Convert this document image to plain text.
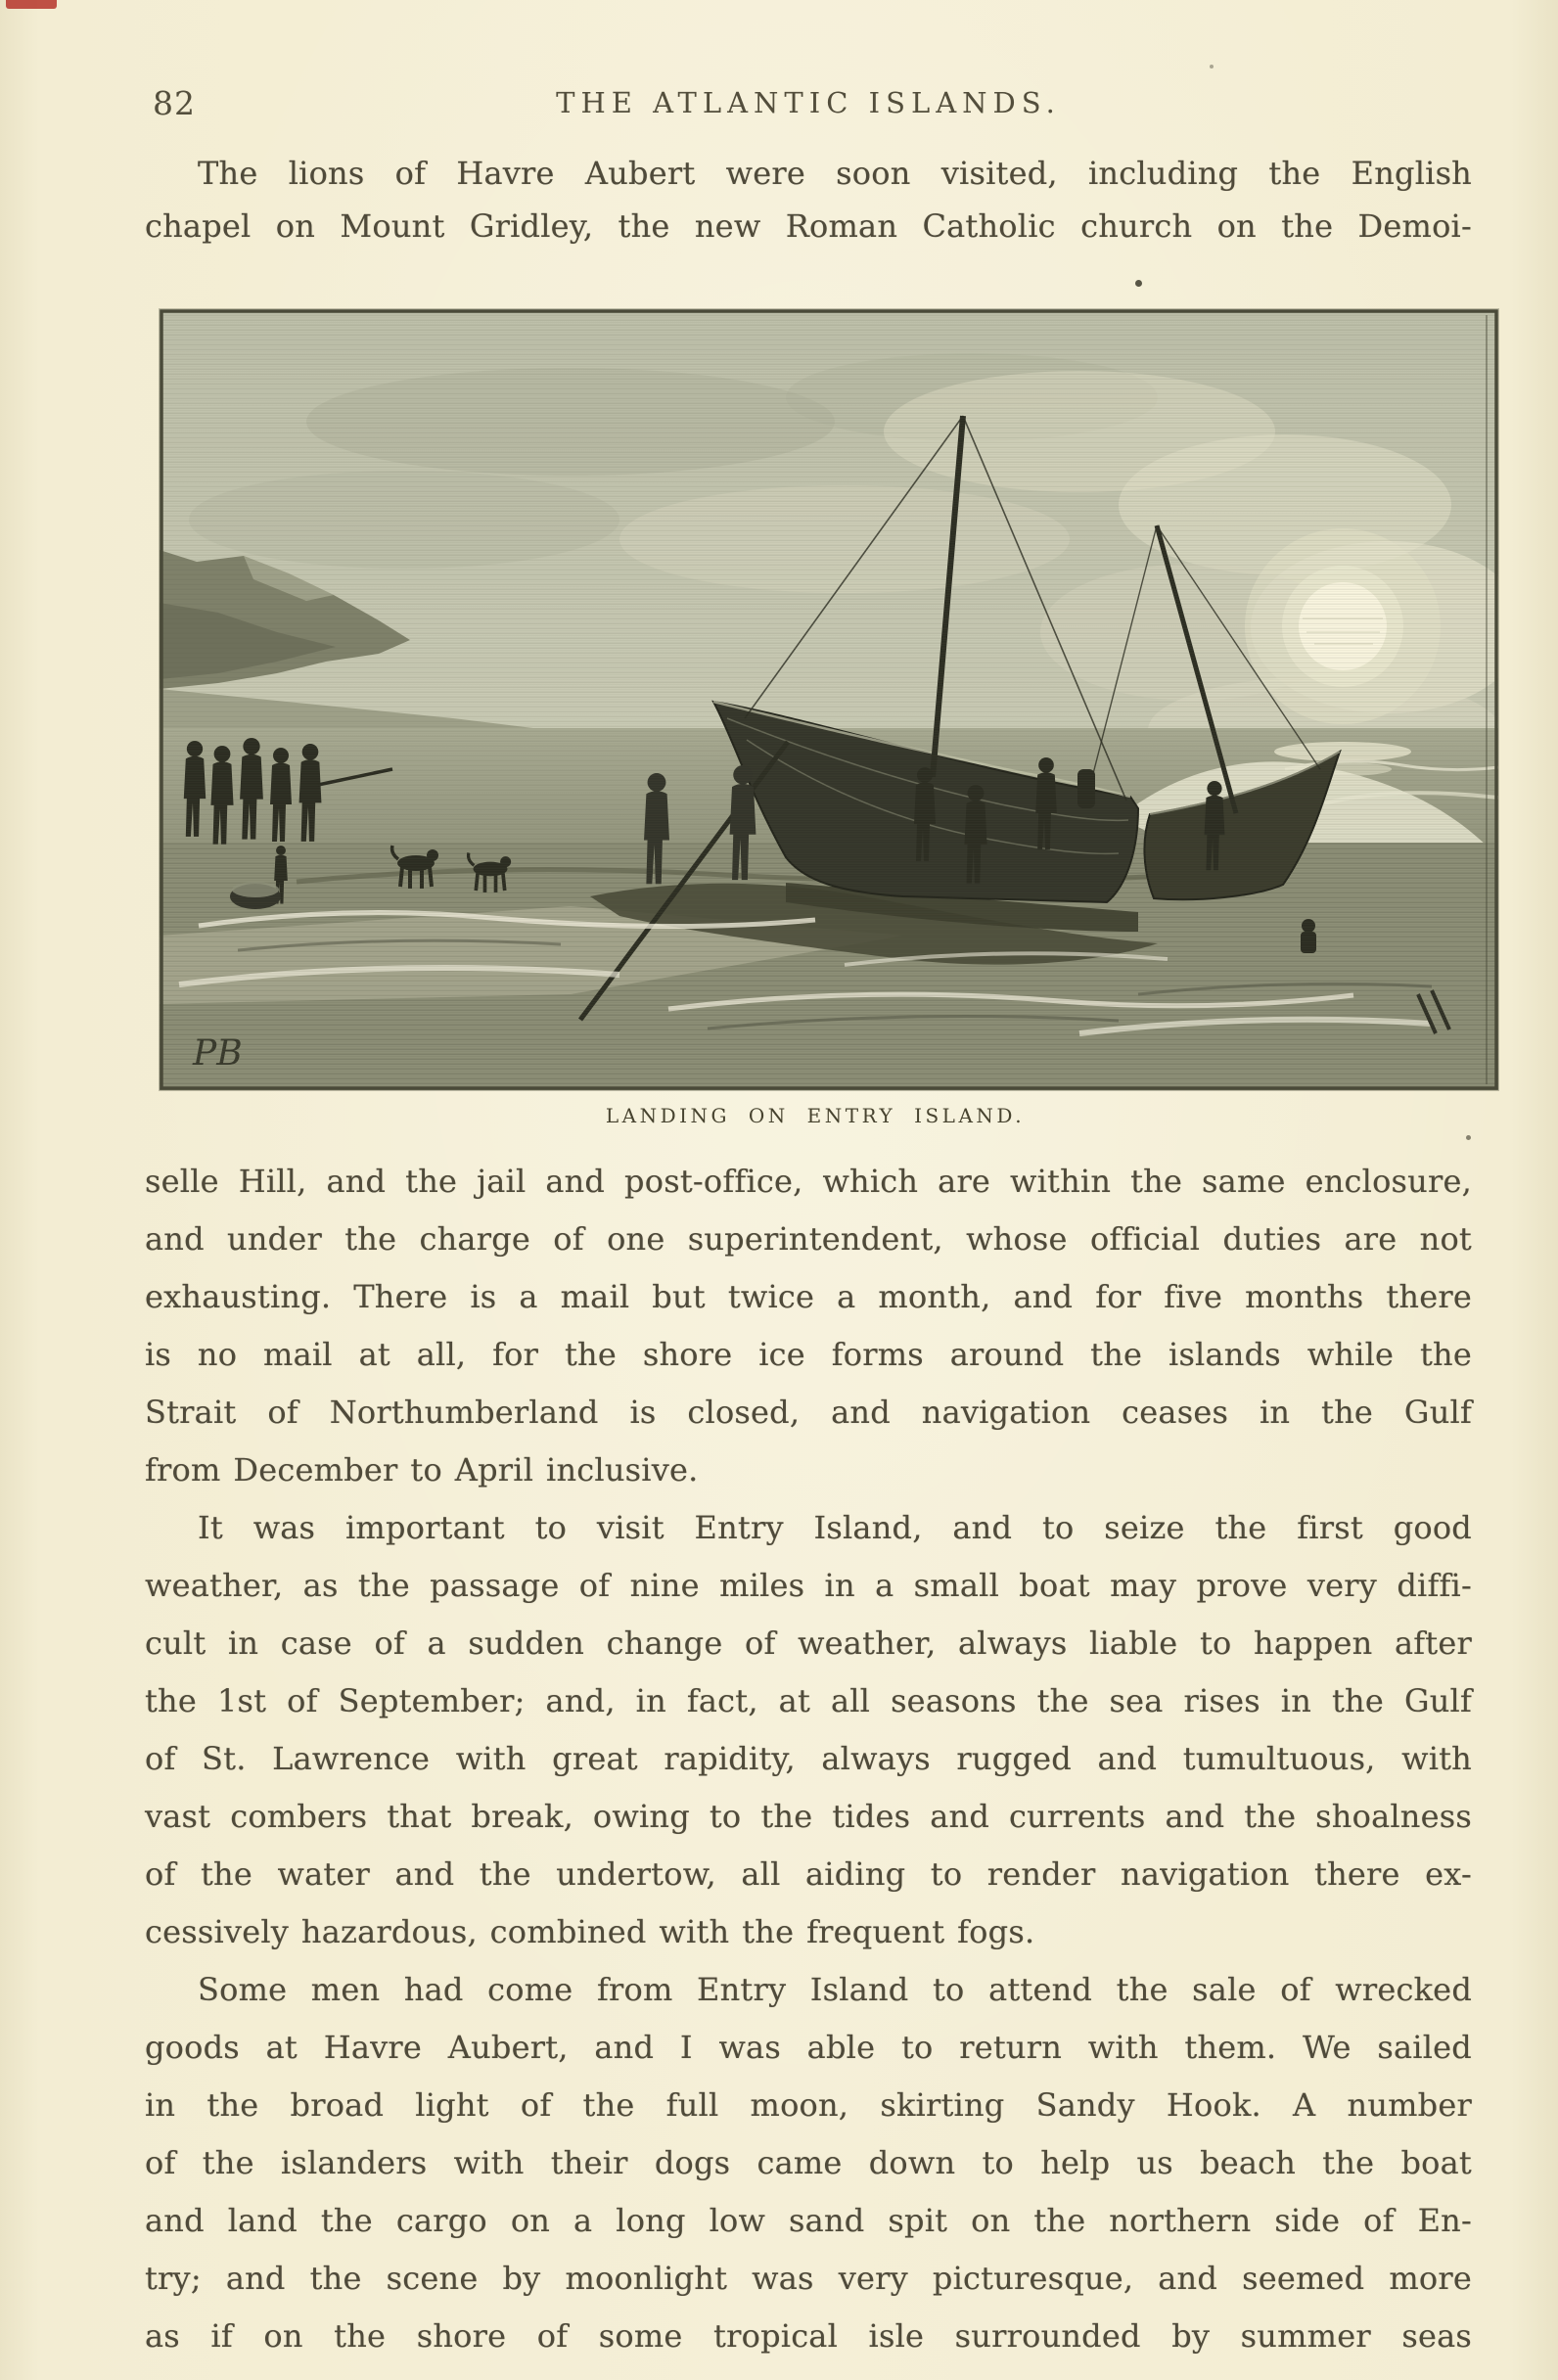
82	THE ATLANTIC ISLANDS.
The lions of Havre Aubert were soon visited, including the English
chapel on Mount Gridley, the new Roman Catholic church on the Demoi-
PB
LANDING ON ENTRY ISLAND.
selle Hill, and the jail and post-office, which are within the same enclosure,
and under the charge of one superintendent, whose official duties are not
exhausting. There is a mail but twice a month, and for five months there
is no mail at all, for the shore ice forms around the islands while the
Strait of Northumberland is closed, and navigation ceases in the Gulf
from December to April inclusive.
It was important to visit Entry Island, and to seize the first good
weather, as the passage of nine miles in a small boat may prove very diffi-
cult in case of a sudden change of weather, always liable to happen after
the 1st of September; and, in fact, at all seasons the sea rises in the Gulf
of St. Lawrence with great rapidity, always rugged and tumultuous, with
vast combers that break, owing to the tides and currents and the shoalness
of the water and the undertow, all aiding to render navigation there ex-
cessively hazardous, combined with the frequent fogs.
Some men had come from Entry Island to attend the sale of wrecked
goods at Havre Aubert, and I was able to return with them. We sailed
in the broad light of the full moon, skirting Sandy Hook. A number
of the islanders with their dogs came down to help us beach the boat
and land the cargo on a long low sand spit on the northern side of En-
try; and the scene by moonlight was very picturesque, and seemed more
as if on the shore of some tropical isle surrounded by summer seas
